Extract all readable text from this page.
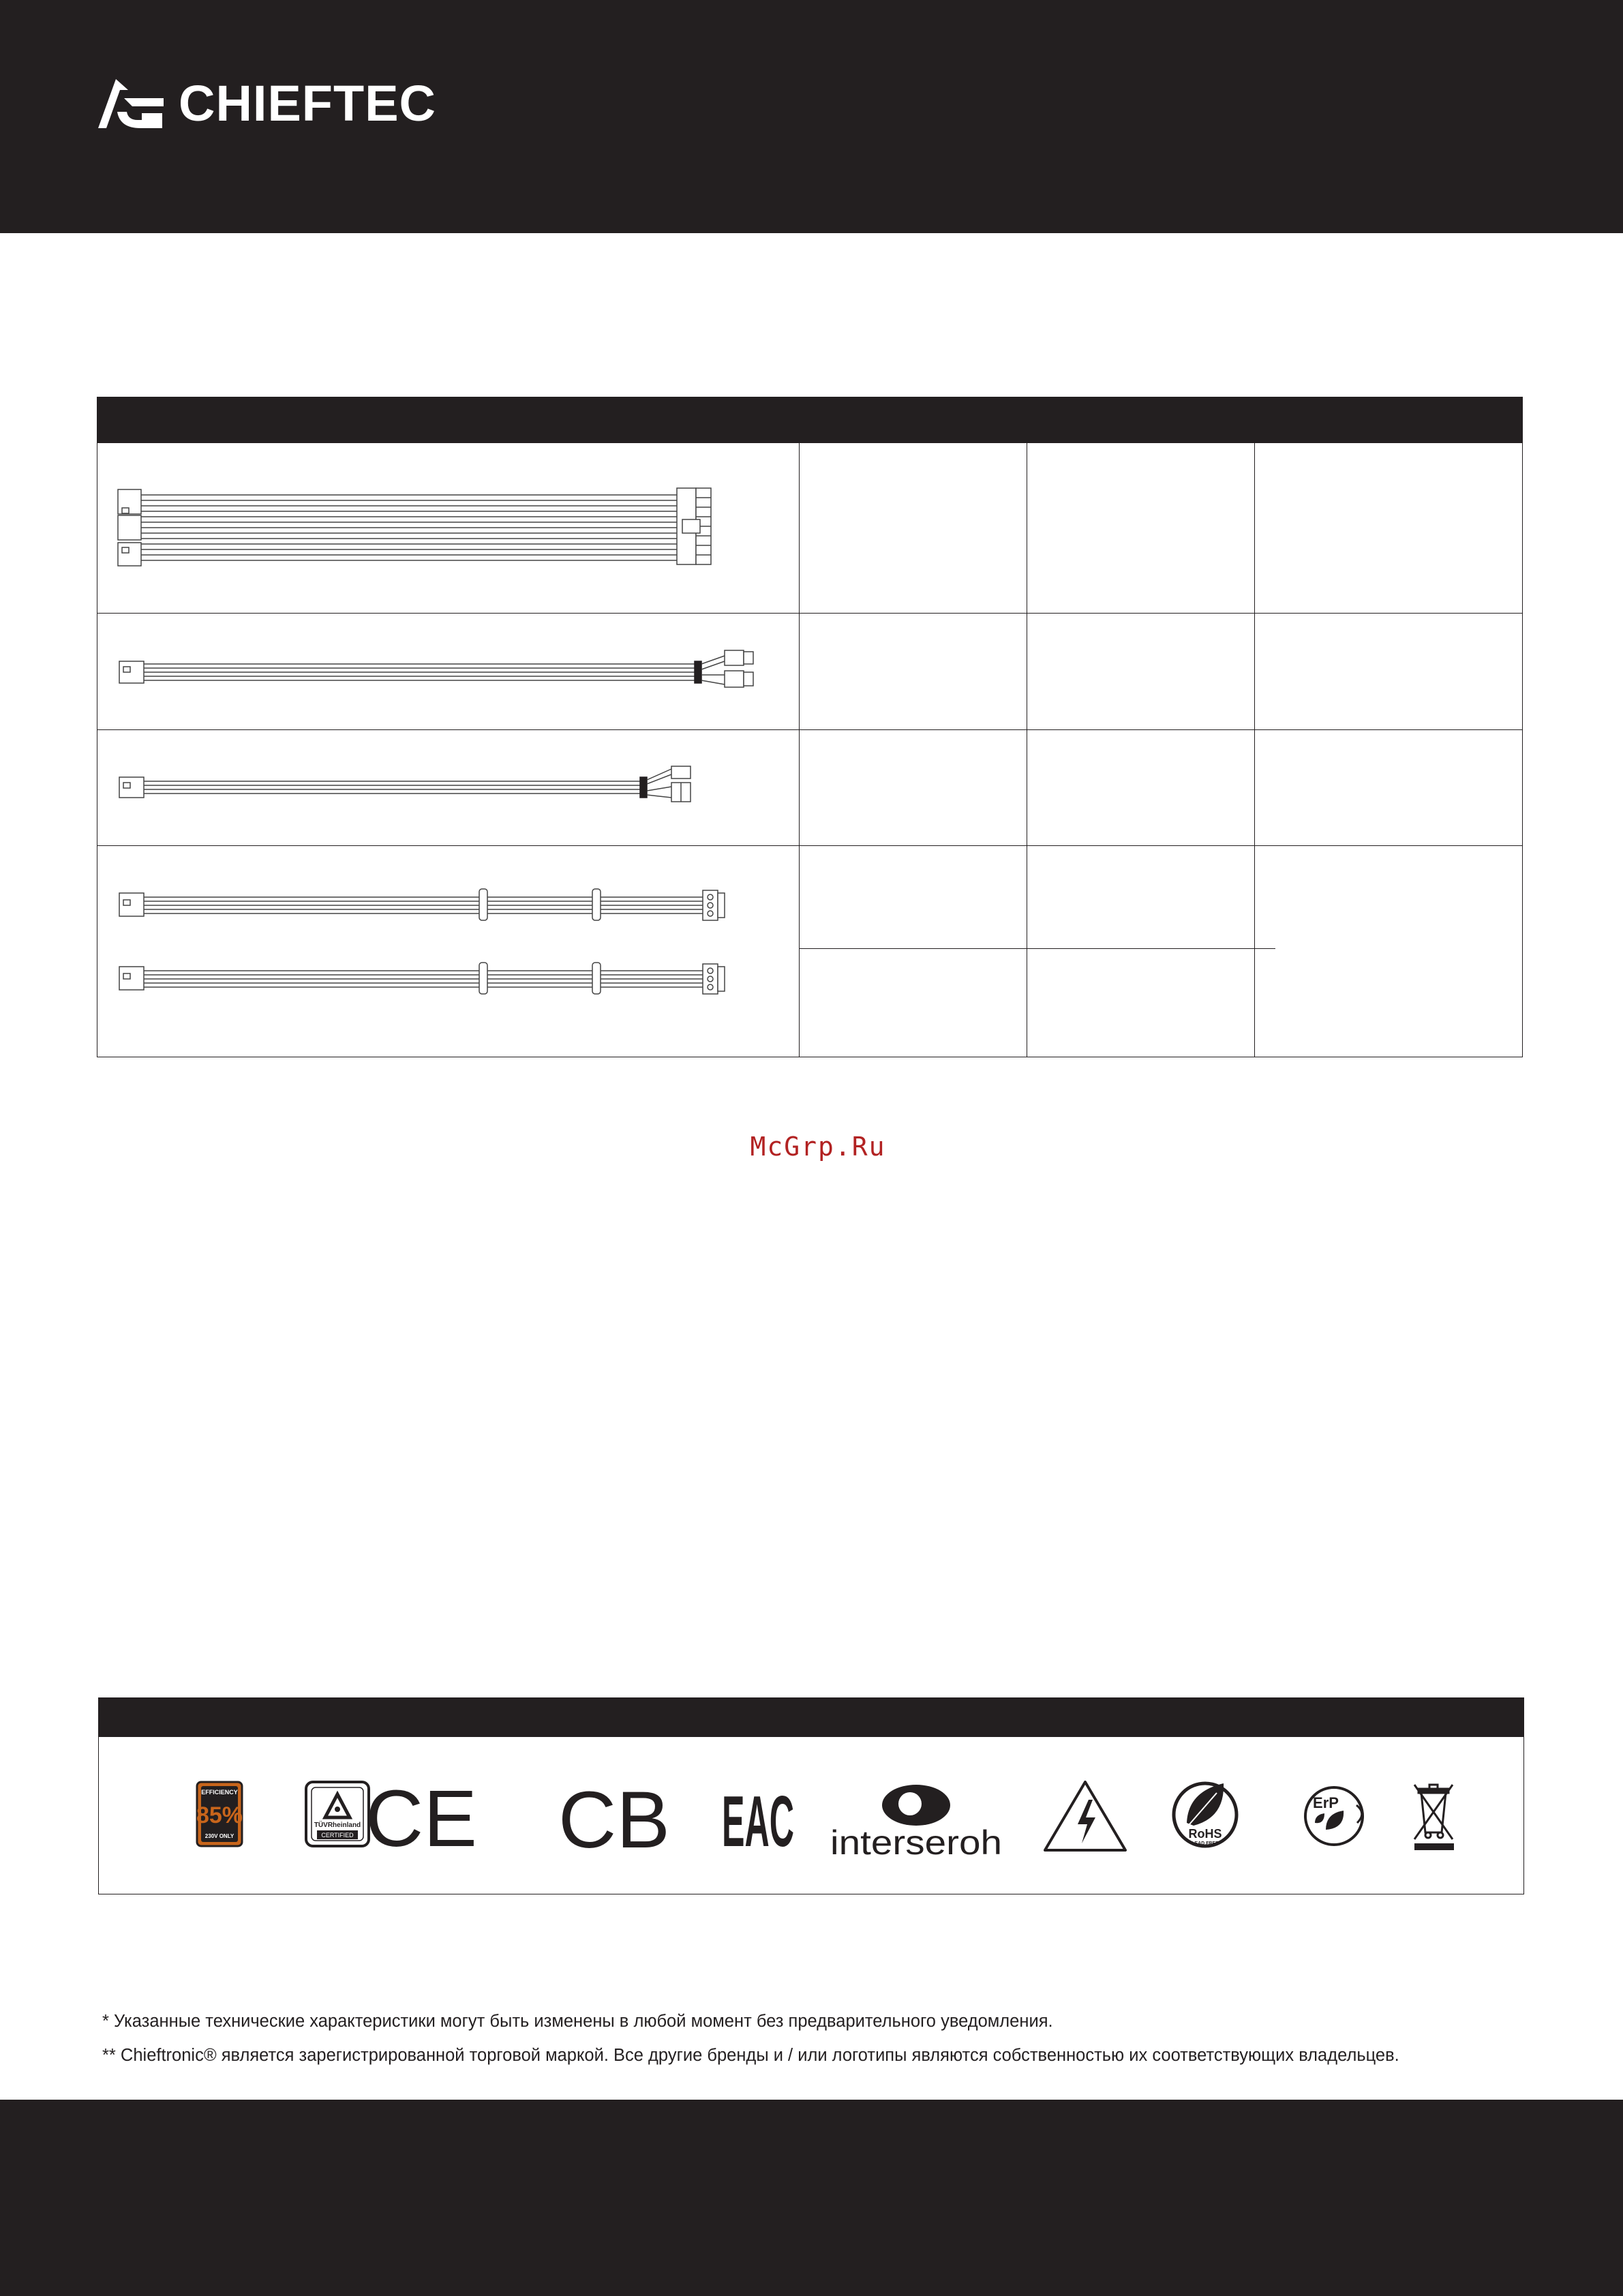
CHIEFTEC
McGrp.Ru
EFFICIENCY
85%
230V ONLY
TÜVRheinland
CERTIFIED CE CB EAC interseroh	RoHS
LEAD FREE
ErP
* Указанные технические характеристики могут быть изменены в любой момент без предварительного уведомления.
** Chieftronic® является зарегистрированной торговой маркой. Все другие бренды и / или логотипы являются собственностью их соответствующих владельцев.
